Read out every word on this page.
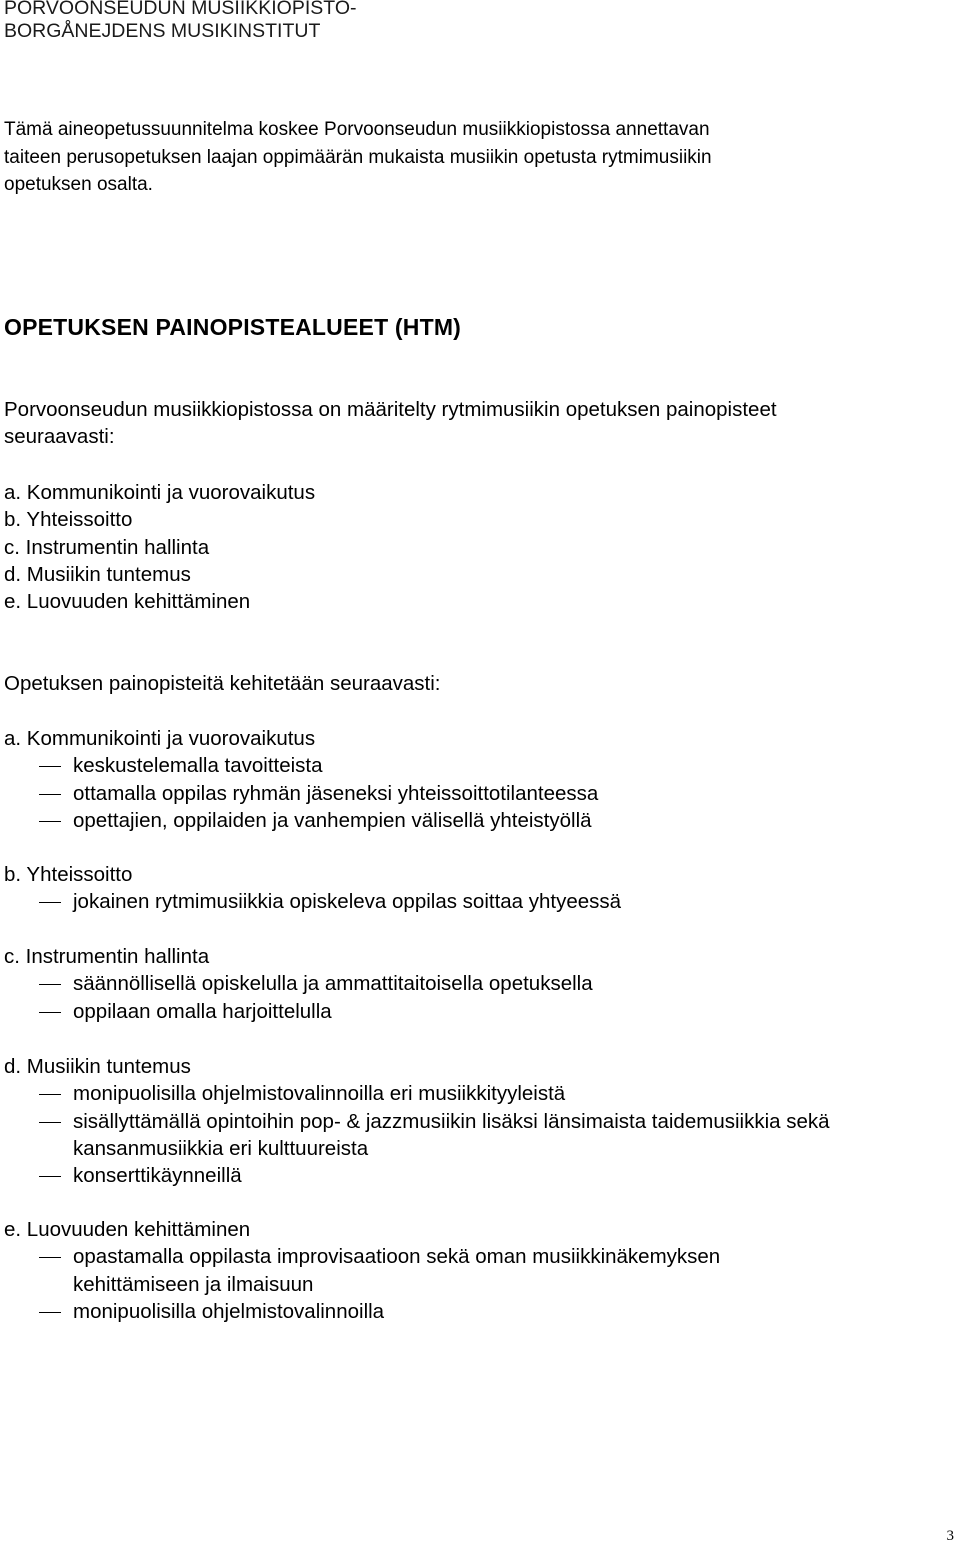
PORVOONSEUDUN MUSIIKKIOPISTO-
BORGÅNEJDENS MUSIKINSTITUT
Tämä aineopetussuunnitelma koskee Porvoonseudun musiikkiopistossa annettavan
taiteen perusopetuksen laajan oppimäärän mukaista musiikin opetusta rytmimusiikin
opetuksen osalta.
OPETUKSEN PAINOPISTEALUEET (HTM)
Porvoonseudun musiikkiopistossa on määritelty rytmimusiikin opetuksen painopisteet
seuraavasti:
a. Kommunikointi ja vuorovaikutus
b. Yhteissoitto
c. Instrumentin hallinta
d. Musiikin tuntemus
e. Luovuuden kehittäminen
Opetuksen painopisteitä kehitetään seuraavasti:
a. Kommunikointi ja vuorovaikutus
keskustelemalla tavoitteista
ottamalla oppilas ryhmän jäseneksi yhteissoittotilanteessa
opettajien, oppilaiden ja vanhempien välisellä yhteistyöllä
b. Yhteissoitto
jokainen rytmimusiikkia opiskeleva oppilas soittaa yhtyeessä
c. Instrumentin hallinta
säännöllisellä opiskelulla ja ammattitaitoisella opetuksella
oppilaan omalla harjoittelulla
d. Musiikin tuntemus
monipuolisilla ohjelmistovalinnoilla eri musiikkityyleistä
sisällyttämällä opintoihin pop- & jazzmusiikin lisäksi länsimaista taidemusiikkia sekä
kansanmusiikkia eri kulttuureista
konserttikäynneillä
e. Luovuuden kehittäminen
opastamalla oppilasta improvisaatioon sekä oman musiikkinäkemyksen
kehittämiseen ja ilmaisuun
monipuolisilla ohjelmistovalinnoilla
3
